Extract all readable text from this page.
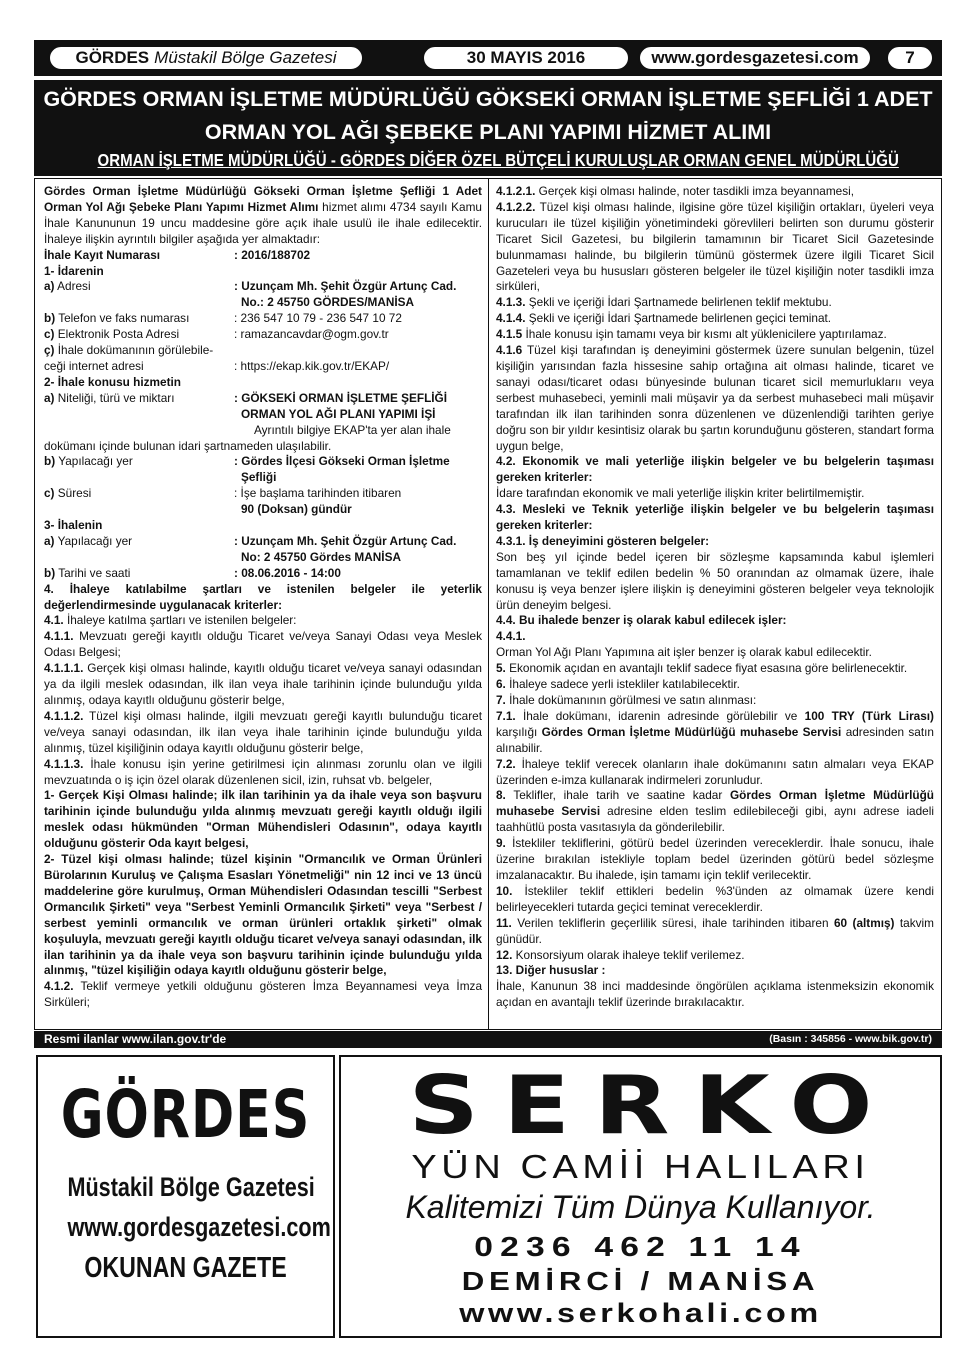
GÖRDES Müstakil Bölge Gazetesi	30 MAYIS 2016	www.gordesgazetesi.com	7
GÖRDES ORMAN İŞLETME MÜDÜRLÜĞÜ GÖKSEKİ ORMAN İŞLETME ŞEFLİĞİ 1 ADET
ORMAN YOL AĞI ŞEBEKE PLANI YAPIMI HİZMET ALIMI
ORMAN İŞLETME MÜDÜRLÜĞÜ - GÖRDES DİĞER ÖZEL BÜTÇELİ KURULUŞLAR ORMAN GENEL MÜDÜRLÜĞÜ

Gördes Orman İşletme Müdürlüğü Gökseki Orman İşletme Şefliği 1 Adet Orman Yol Ağı Şebeke Planı Yapımı Hizmet Alımı hizmet alımı 4734 sayılı Kamu İhale Kanununun 19 uncu maddesine göre açık ihale usulü ile ihale edilecektir. İhaleye ilişkin ayrıntılı bilgiler aşağıda yer almaktadır:

İhale Kayıt Numarası	: 2016/188702

1- İdarenin

a) Adresi	: Uzunçam Mh. Şehit Özgür Artunç Cad.
No.: 2 45750 GÖRDES/MANİSA
b) Telefon ve faks numarası	: 236 547 10 79 - 236 547 10 72
c) Elektronik Posta Adresi	: ramazancavdar@ogm.gov.tr
ç) İhale dokümanının görülebile-
ceği internet adresi	: https://ekap.kik.gov.tr/EKAP/

2- İhale konusu hizmetin

a) Niteliği, türü ve miktarı	: GÖKSEKİ ORMAN İŞLETME ŞEFLİĞİ
ORMAN YOL AĞI PLANI YAPIMI İŞİ
Ayrıntılı bilgiye EKAP'ta yer alan ihale

dokümanı içinde bulunan idari şartnameden ulaşılabilir.

b) Yapılacağı yer	: Gördes İlçesi Gökseki Orman İşletme
Şefliği
c) Süresi	: İşe başlama tarihinden itibaren
90 (Doksan) gündür

3- İhalenin

a) Yapılacağı yer	: Uzunçam Mh. Şehit Özgür Artunç Cad.
No: 2 45750 Gördes MANİSA
b) Tarihi ve saati	: 08.06.2016 - 14:00

4. İhaleye katılabilme şartları ve istenilen belgeler ile yeterlik değerlendirmesinde uygulanacak kriterler:

4.1. İhaleye katılma şartları ve istenilen belgeler:

4.1.1. Mevzuatı gereği kayıtlı olduğu Ticaret ve/veya Sanayi Odası veya Meslek Odası Belgesi;

4.1.1.1. Gerçek kişi olması halinde, kayıtlı olduğu ticaret ve/veya sanayi odasından ya da ilgili meslek odasından, ilk ilan veya ihale tarihinin içinde bulunduğu yılda alınmış, odaya kayıtlı olduğunu gösterir belge,

4.1.1.2. Tüzel kişi olması halinde, ilgili mevzuatı gereği kayıtlı bulunduğu ticaret ve/veya sanayi odasından, ilk ilan veya ihale tarihinin içinde bulunduğu yılda alınmış, tüzel kişiliğinin odaya kayıtlı olduğunu gösterir belge,

4.1.1.3. İhale konusu işin yerine getirilmesi için alınması zorunlu olan ve ilgili mevzuatında o iş için özel olarak düzenlenen sicil, izin, ruhsat vb. belgeler,

1- Gerçek Kişi Olması halinde; ilk ilan tarihinin ya da ihale veya son başvuru tarihinin içinde bulunduğu yılda alınmış mevzuatı gereği kayıtlı olduğı ilgili meslek odası hükmünden "Orman Mühendisleri Odasının", odaya kayıtlı olduğunu gösterir Oda kayıt belgesi,

2- Tüzel kişi olması halinde; tüzel kişinin "Ormancılık ve Orman Ürünleri Bürolarının Kuruluş ve Çalışma Esasları Yönetmeliği" nin 12 inci ve 13 üncü maddelerine göre kurulmuş, Orman Mühendisleri Odasından tescilli "Serbest Ormancılık Şirketi" veya "Serbest Yeminli Ormancılık Şirketi" veya "Serbest / serbest yeminli ormancılık ve orman ürünleri ortaklık şirketi" olmak koşuluyla, mevzuatı gereği kayıtlı olduğu ticaret ve/veya sanayi odasından, ilk ilan tarihinin ya da ihale veya son başvuru tarihinin içinde bulunduğu yılda alınmış, "tüzel kişiliğin odaya kayıtlı olduğunu gösterir belge,

4.1.2. Teklif vermeye yetkili olduğunu gösteren İmza Beyannamesi veya İmza Sirküleri;

4.1.2.1. Gerçek kişi olması halinde, noter tasdikli imza beyannamesi,

4.1.2.2. Tüzel kişi olması halinde, ilgisine göre tüzel kişiliğin ortakları, üyeleri veya kurucuları ile tüzel kişiliğin yönetimindeki görevlileri belirten son durumu gösterir Ticaret Sicil Gazetesi, bu bilgilerin tamamının bir Ticaret Sicil Gazetesinde bulunmaması halinde, bu bilgilerin tümünü göstermek üzere ilgili Ticaret Sicil Gazeteleri veya bu hususları gösteren belgeler ile tüzel kişiliğin noter tasdikli imza sirküleri,

4.1.3. Şekli ve içeriği İdari Şartnamede belirlenen teklif mektubu.

4.1.4. Şekli ve içeriği İdari Şartnamede belirlenen geçici teminat.

4.1.5 İhale konusu işin tamamı veya bir kısmı alt yüklenicilere yaptırılamaz.

4.1.6 Tüzel kişi tarafından iş deneyimini göstermek üzere sunulan belgenin, tüzel kişiliğin yarısından fazla hissesine sahip ortağına ait olması halinde, ticaret ve sanayi odası/ticaret odası bünyesinde bulunan ticaret sicil memurluklarıı veya serbest muhasebeci, yeminli mali müşavir ya da serbest muhasebeci mali müşavir tarafından ilk ilan tarihinden sonra düzenlenen ve düzenlendiği tarihten geriye doğru son bir yıldır kesintisiz olarak bu şartın korunduğunu gösteren, standart forma uygun belge,

4.2. Ekonomik ve mali yeterliğe ilişkin belgeler ve bu belgelerin taşıması gereken kriterler:

İdare tarafından ekonomik ve mali yeterliğe ilişkin kriter belirtilmemiştir.

4.3. Mesleki ve Teknik yeterliğe ilişkin belgeler ve bu belgelerin taşıması gereken kriterler:

4.3.1. İş deneyimini gösteren belgeler:

Son beş yıl içinde bedel içeren bir sözleşme kapsamında kabul işlemleri tamamlanan ve teklif edilen bedelin % 50 oranından az olmamak üzere, ihale konusu iş veya benzer işlere ilişkin iş deneyimini gösteren belgeler veya teknolojik ürün deneyim belgesi.

4.4. Bu ihalede benzer iş olarak kabul edilecek işler:

4.4.1.

Orman Yol Ağı Planı Yapımına ait işler benzer iş olarak kabul edilecektir.

5. Ekonomik açıdan en avantajlı teklif sadece fiyat esasına göre belirlenecektir.

6. İhaleye sadece yerli istekliler katılabilecektir.

7. İhale dokümanının görülmesi ve satın alınması:

7.1. İhale dokümanı, idarenin adresinde görülebilir ve 100 TRY (Türk Lirası) karşılığı Gördes Orman İşletme Müdürlüğü muhasebe Servisi adresinden satın alınabilir.

7.2. İhaleye teklif verecek olanların ihale dokümanını satın almaları veya EKAP üzerinden e-imza kullanarak indirmeleri zorunludur.

8. Teklifler, ihale tarih ve saatine kadar Gördes Orman İşletme Müdürlüğü muhasebe Servisi adresine elden teslim edilebileceği gibi, aynı adrese iadeli taahhütlü posta vasıtasıyla da gönderilebilir.

9. İstekliler tekliflerini, götürü bedel üzerinden vereceklerdir. İhale sonucu, ihale üzerine bırakılan istekliyle toplam bedel üzerinden götürü bedel sözleşme imzalanacaktır. Bu ihalede, işin tamamı için teklif verilecektir.

10. İstekliler teklif ettikleri bedelin %3'ünden az olmamak üzere kendi belirleyecekleri tutarda geçici teminat vereceklerdir.

11. Verilen tekliflerin geçerlilik süresi, ihale tarihinden itibaren 60 (altmış) takvim günüdür.

12. Konsorsiyum olarak ihaleye teklif verilemez.

13. Diğer hususlar :

İhale, Kanunun 38 inci maddesinde öngörülen açıklama istenmeksizin ekonomik açıdan en avantajlı teklif üzerinde bırakılacaktır.

Resmi ilanlar www.ilan.gov.tr'de	(Basın : 345856 - www.bik.gov.tr)
GÖRDES
Müstakil Bölge Gazetesi
www.gordesgazetesi.com
OKUNAN GAZETE
SERKO
YÜN CAMİİ HALILARI
Kalitemizi Tüm Dünya Kullanıyor.
0236 462 11 14
DEMİRCİ / MANİSA
www.serkohali.com
